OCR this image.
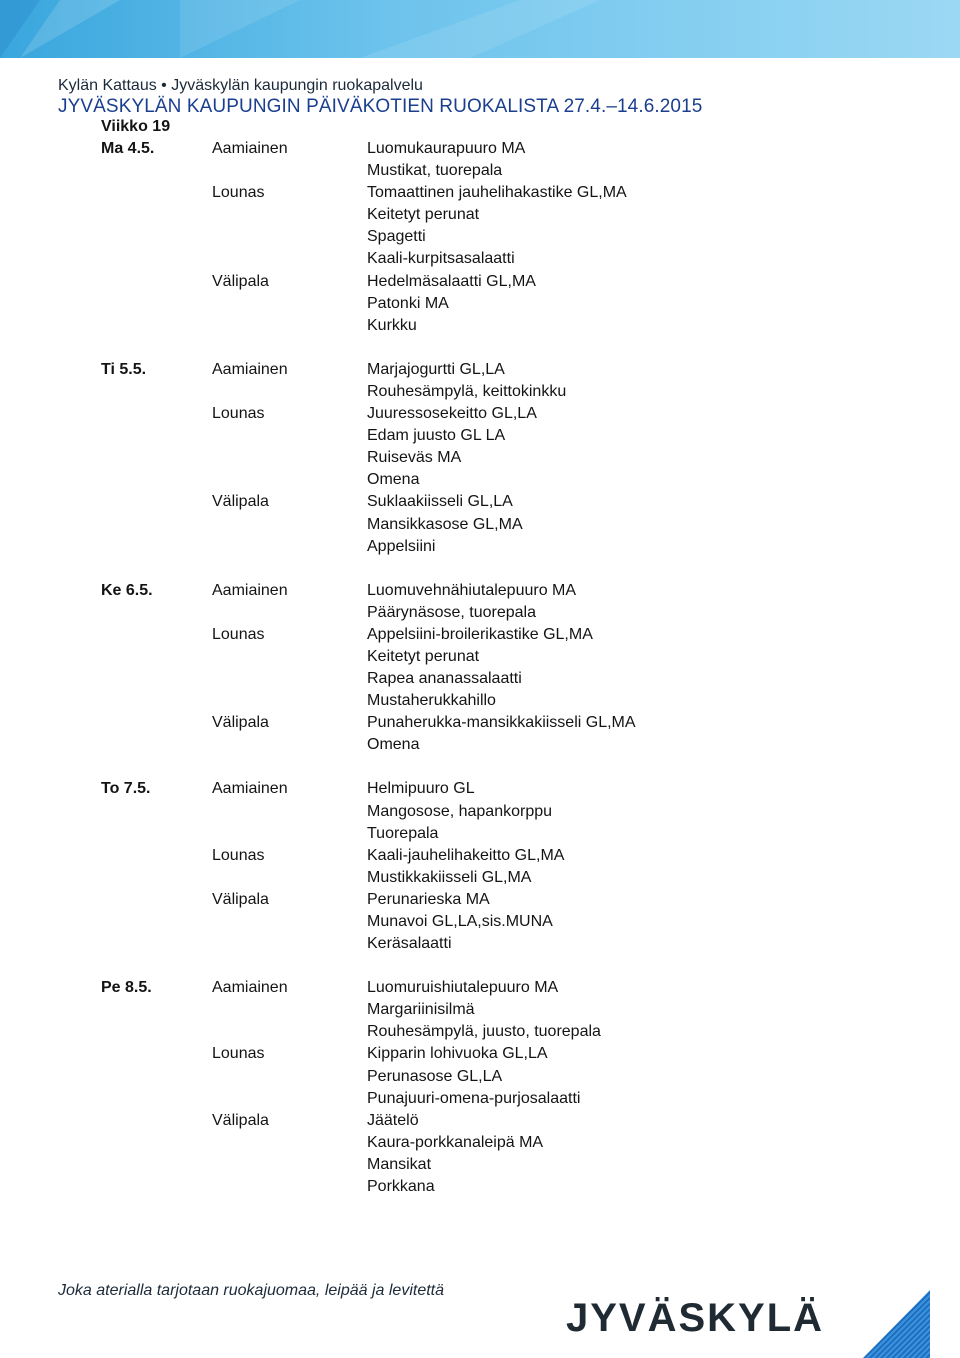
Kylän Kattaus • Jyväskylän kaupungin ruokapalvelu
JYVÄSKYLÄN KAUPUNGIN PÄIVÄKOTIEN RUOKALISTA 27.4.–14.6.2015
Viikko 19
Ma 4.5.	Aamiainen	Luomukaurapuuro MA
Mustikat, tuorepala
Lounas	Tomaattinen jauhelihakastike GL,MA
Keitetyt perunat
Spagetti
Kaali-kurpitsasalaatti
Välipala	Hedelmäsalaatti GL,MA
Patonki MA
Kurkku
Ti 5.5.	Aamiainen	Marjajogurtti GL,LA
Rouhesämpylä, keittokinkku
Lounas	Juuressosekeitto GL,LA
Edam juusto GL LA
Ruiseväs MA
Omena
Välipala	Suklaakiisseli GL,LA
Mansikkasose GL,MA
Appelsiini
Ke 6.5.	Aamiainen	Luomuvehnähiutalepuuro MA
Päärynäsose, tuorepala
Lounas	Appelsiini-broilerikastike GL,MA
Keitetyt perunat
Rapea ananassalaatti
Mustaherukkahillo
Välipala	Punaherukka-mansikkakiisseli GL,MA
Omena
To 7.5.	Aamiainen	Helmipuuro GL
Mangosose, hapankorppu
Tuorepala
Lounas	Kaali-jauhelihakeitto GL,MA
Mustikkakiisseli GL,MA
Välipala	Perunarieska MA
Munavoi GL,LA,sis.MUNA
Keräsalaatti
Pe 8.5.	Aamiainen	Luomuruishiutalepuuro MA
Margariinisilmä
Rouhesämpylä, juusto, tuorepala
Lounas	Kipparin lohivuoka GL,LA
Perunasose GL,LA
Punajuuri-omena-purjosalaatti
Välipala	Jäätelö
Kaura-porkkanaleipä MA
Mansikat
Porkkana
Joka aterialla tarjotaan ruokajuomaa, leipää ja levitettä
JYVÄSKYLÄ
